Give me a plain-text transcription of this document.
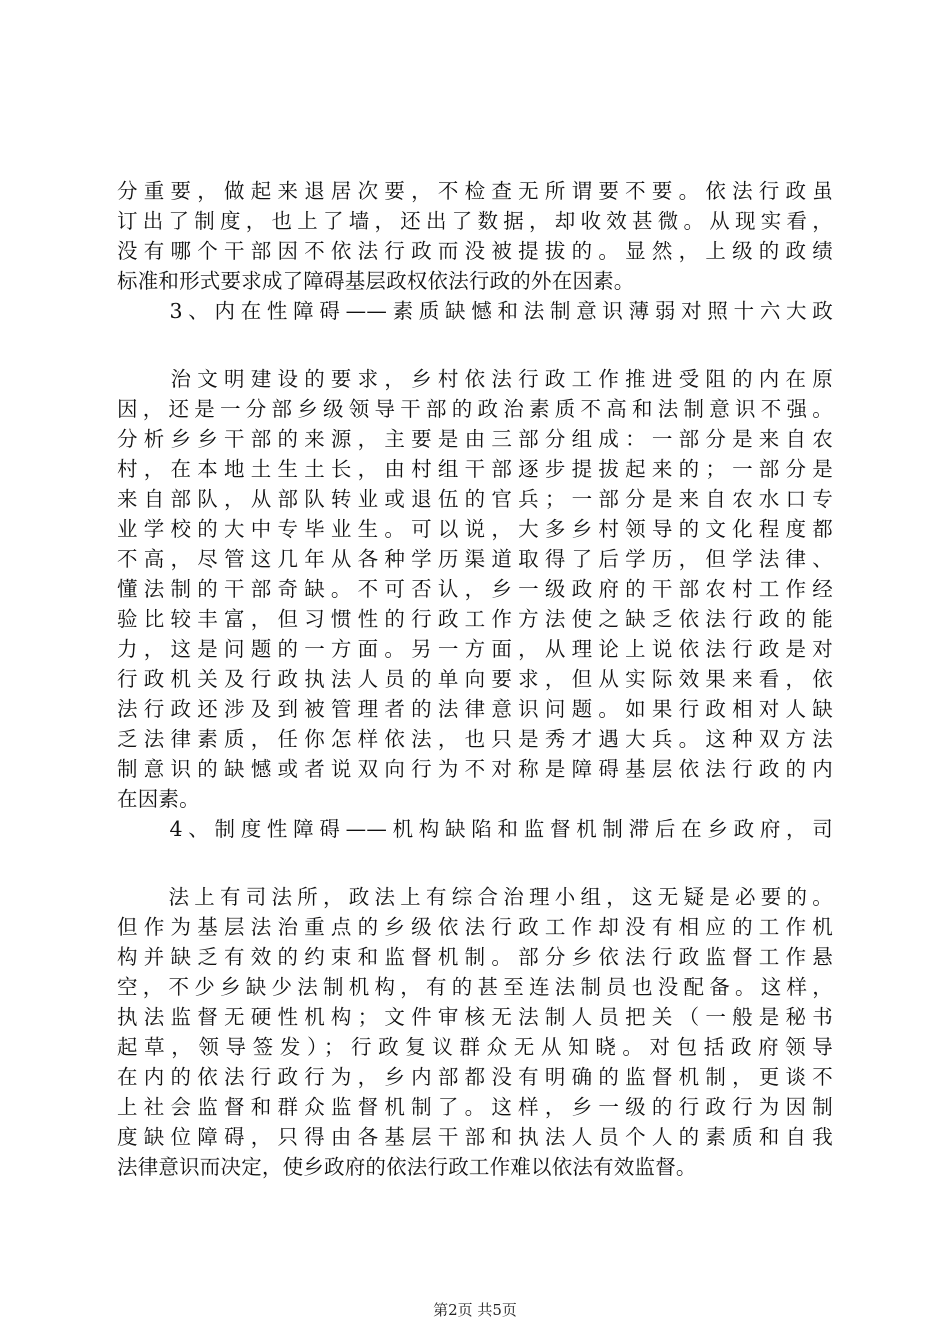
分重要，做起来退居次要，不检查无所谓要不要。依法行政虽
订出了制度，也上了墙，还出了数据，却收效甚微。从现实看，
没有哪个干部因不依法行政而没被提拔的。显然，上级的政绩
标准和形式要求成了障碍基层政权依法行政的外在因素。
　　3、内在性障碍——素质缺憾和法制意识薄弱对照十六大政
　　治文明建设的要求，乡村依法行政工作推进受阻的内在原
因，还是一分部乡级领导干部的政治素质不高和法制意识不强。
分析乡乡干部的来源，主要是由三部分组成：一部分是来自农
村，在本地土生土长，由村组干部逐步提拔起来的；一部分是
来自部队，从部队转业或退伍的官兵；一部分是来自农水口专
业学校的大中专毕业生。可以说，大多乡村领导的文化程度都
不高，尽管这几年从各种学历渠道取得了后学历，但学法律、
懂法制的干部奇缺。不可否认，乡一级政府的干部农村工作经
验比较丰富，但习惯性的行政工作方法使之缺乏依法行政的能
力，这是问题的一方面。另一方面，从理论上说依法行政是对
行政机关及行政执法人员的单向要求，但从实际效果来看，依
法行政还涉及到被管理者的法律意识问题。如果行政相对人缺
乏法律素质，任你怎样依法，也只是秀才遇大兵。这种双方法
制意识的缺憾或者说双向行为不对称是障碍基层依法行政的内
在因素。
　　4、制度性障碍——机构缺陷和监督机制滞后在乡政府，司
　　法上有司法所，政法上有综合治理小组，这无疑是必要的。
但作为基层法治重点的乡级依法行政工作却没有相应的工作机
构并缺乏有效的约束和监督机制。部分乡依法行政监督工作悬
空，不少乡缺少法制机构，有的甚至连法制员也没配备。这样，
执法监督无硬性机构；文件审核无法制人员把关（一般是秘书
起草，领导签发）；行政复议群众无从知晓。对包括政府领导
在内的依法行政行为，乡内部都没有明确的监督机制，更谈不
上社会监督和群众监督机制了。这样，乡一级的行政行为因制
度缺位障碍，只得由各基层干部和执法人员个人的素质和自我
法律意识而决定，使乡政府的依法行政工作难以依法有效监督。
第2页 共5页
